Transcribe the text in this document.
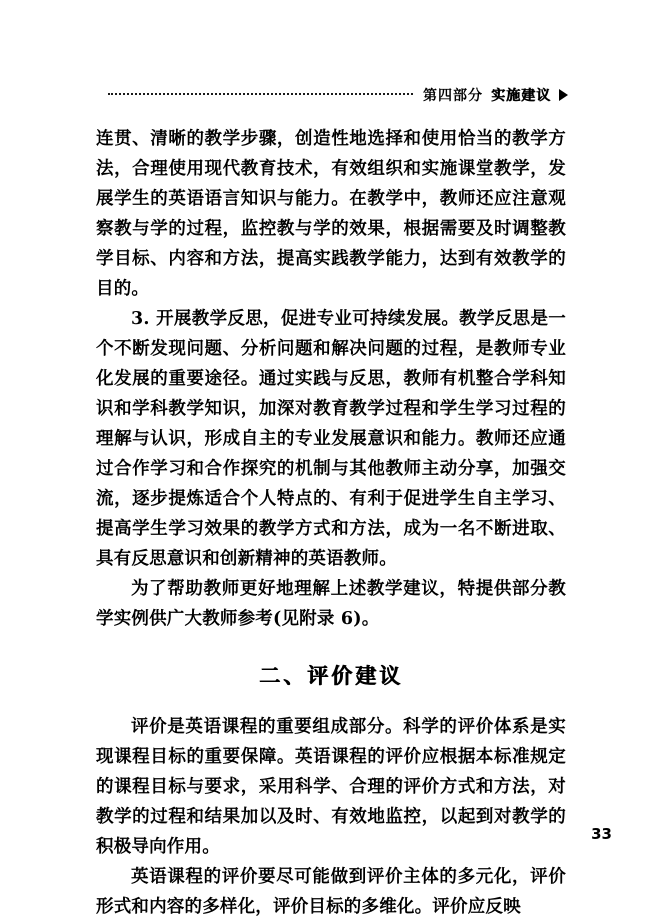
第四部分 实施建议

连贯、清晰的教学步骤，创造性地选择和使用恰当的教学方法，合理使用现代教育技术，有效组织和实施课堂教学，发展学生的英语语言知识与能力。在教学中，教师还应注意观察教与学的过程，监控教与学的效果，根据需要及时调整教学目标、内容和方法，提高实践教学能力，达到有效教学的目的。

3. 开展教学反思，促进专业可持续发展。教学反思是一个不断发现问题、分析问题和解决问题的过程，是教师专业化发展的重要途径。通过实践与反思，教师有机整合学科知识和学科教学知识，加深对教育教学过程和学生学习过程的理解与认识，形成自主的专业发展意识和能力。教师还应通过合作学习和合作探究的机制与其他教师主动分享，加强交流，逐步提炼适合个人特点的、有利于促进学生自主学习、提高学生学习效果的教学方式和方法，成为一名不断进取、具有反思意识和创新精神的英语教师。

为了帮助教师更好地理解上述教学建议，特提供部分教学实例供广大教师参考(见附录 6)。

二、评价建议

评价是英语课程的重要组成部分。科学的评价体系是实现课程目标的重要保障。英语课程的评价应根据本标准规定的课程目标与要求，采用科学、合理的评价方式和方法，对教学的过程和结果加以及时、有效地监控，以起到对教学的积极导向作用。

英语课程的评价要尽可能做到评价主体的多元化，评价形式和内容的多样化，评价目标的多维化。评价应反映

33
